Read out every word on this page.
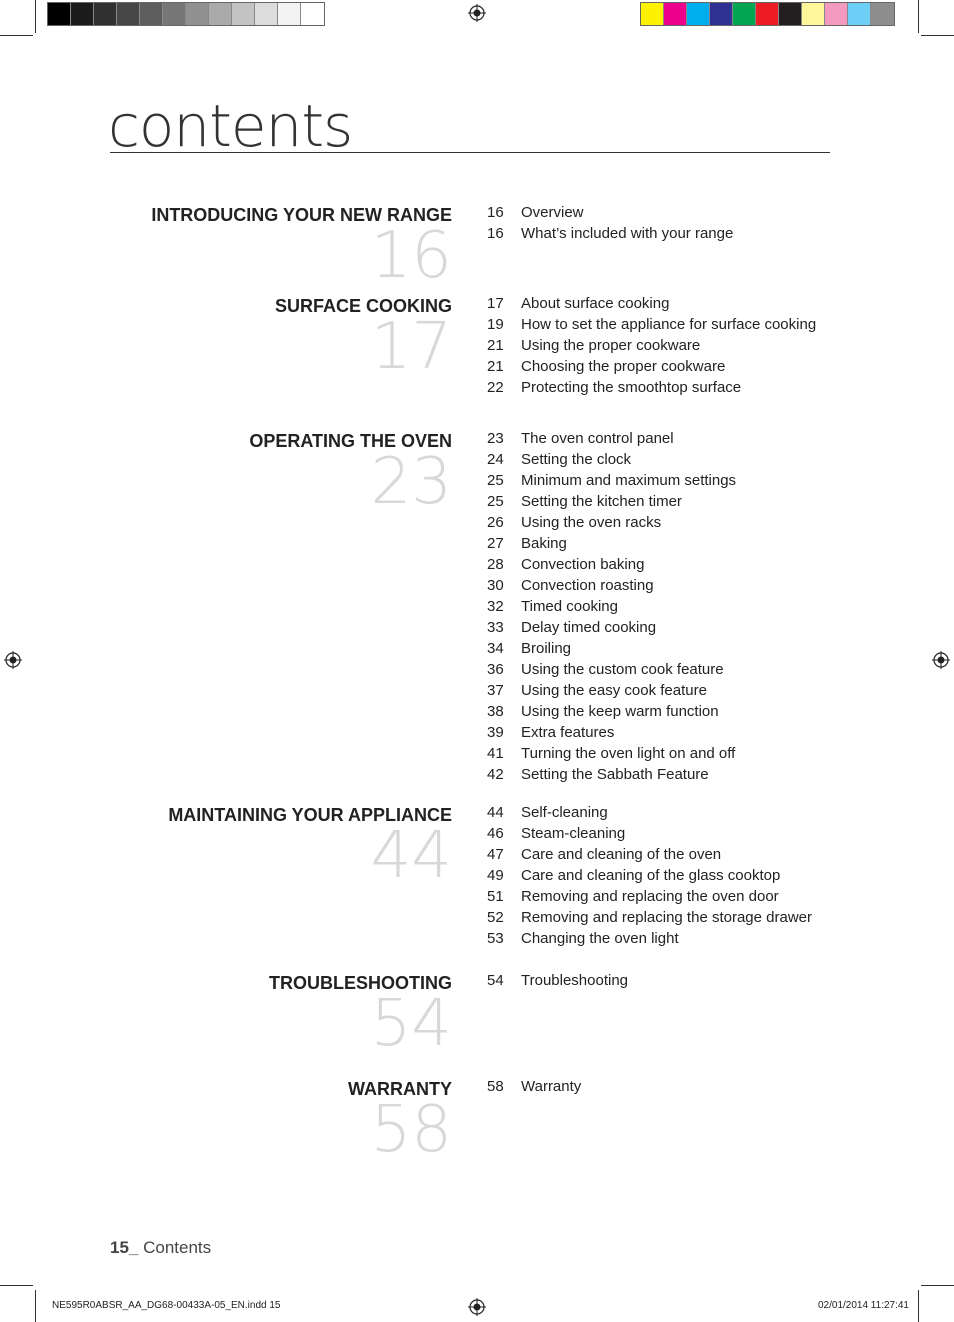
contents
INTRODUCING YOUR NEW RANGE
16
16	Overview
16	What’s included with your range
SURFACE COOKING
17
17	About surface cooking
19	How to set the appliance for surface cooking
21	Using the proper cookware
21	Choosing the proper cookware
22	Protecting the smoothtop surface
OPERATING THE OVEN
23
23	The oven control panel
24	Setting the clock
25	Minimum and maximum settings
25	Setting the kitchen timer
26	Using the oven racks
27	Baking
28	Convection baking
30	Convection roasting
32	Timed cooking
33	Delay timed cooking
34	Broiling
36	Using the custom cook feature
37	Using the easy cook feature
38	Using the keep warm function
39	Extra features
41	Turning the oven light on and off
42	Setting the Sabbath Feature
MAINTAINING YOUR APPLIANCE
44
44	Self-cleaning
46	Steam-cleaning
47	Care and cleaning of the oven
49	Care and cleaning of the glass cooktop
51	Removing and replacing the oven door
52	Removing and replacing the storage drawer
53	Changing the oven light
TROUBLESHOOTING
54
54	Troubleshooting
WARRANTY
58
58	Warranty
15_ Contents
NE595R0ABSR_AA_DG68-00433A-05_EN.indd 15	02/01/2014 11:27:41
